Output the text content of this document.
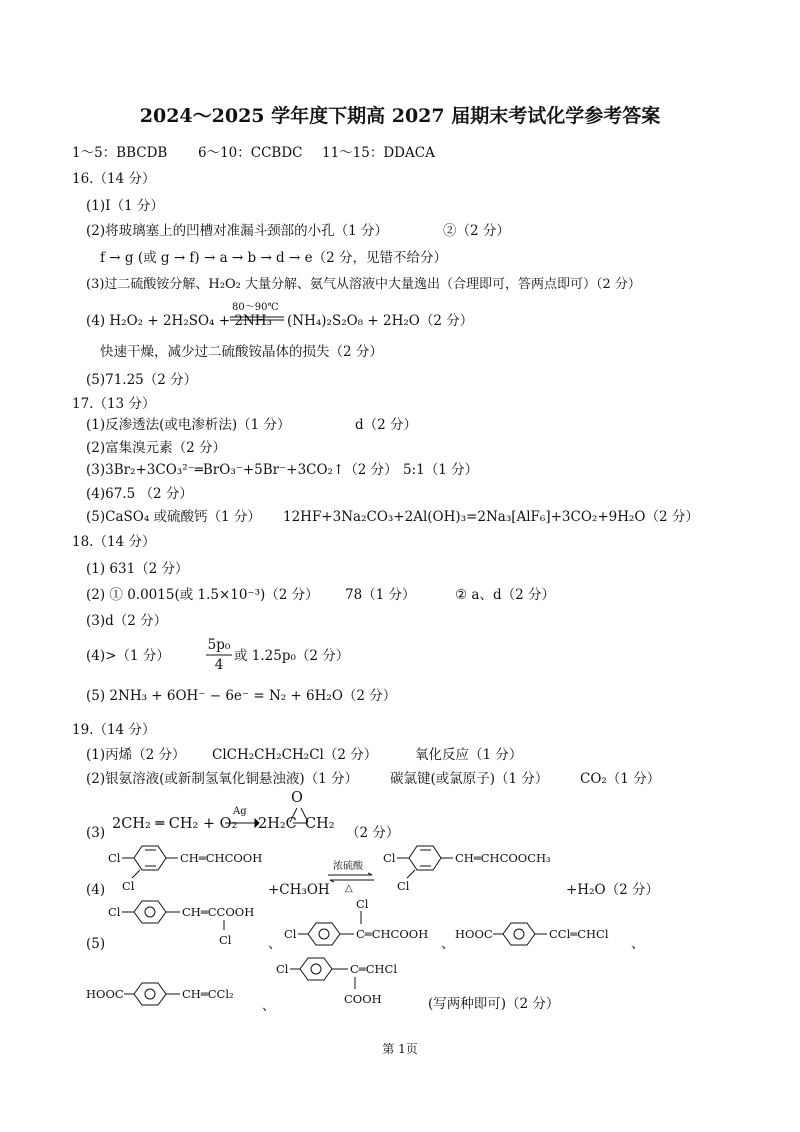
2024～2025 学年度下期高 2027 届期末考试化学参考答案
1～5：BBCDB 6～10：CCBDC 11～15：DDACA
16.（14 分）
(1)Ⅰ（1 分）
(2)将玻璃塞上的凹槽对准漏斗颈部的小孔（1 分）	②（2 分）
f → g (或 g → f) → a → b → d → e（2 分，见错不给分）
(3)过二硫酸铵分解、H₂O₂ 大量分解、氨气从溶液中大量逸出（合理即可，答两点即可）（2 分）
(4) H₂O₂ + 2H₂SO₄ + 2NH₃
80～90℃
(NH₄)₂S₂O₈ + 2H₂O（2 分）
快速干燥，减少过二硫酸铵晶体的损失（2 分）
(5)71.25（2 分）
17.（13 分）
(1)反渗透法(或电渗析法)（1 分）	d（2 分）
(2)富集溴元素（2 分）
(3)3Br₂+3CO₃²⁻═BrO₃⁻+5Br⁻+3CO₂↑（2 分） 5:1（1 分）
(4)67.5 （2 分）
(5)CaSO₄ 或硫酸钙（1 分） 12HF+3Na₂CO₃+2Al(OH)₃=2Na₃[AlF₆]+3CO₂+9H₂O（2 分）
18.（14 分）
(1) 631（2 分）
(2) ① 0.0015(或 1.5×10⁻³)（2 分） 78（1 分）	② a、d（2 分）
(3)d（2 分）
(4)>（1 分）
5p₀
4
或 1.25p₀（2 分）
(5) 2NH₃ + 6OH⁻ − 6e⁻ = N₂ + 6H₂O（2 分）
19.（14 分）
(1)丙烯（2 分） ClCH₂CH₂CH₂Cl（2 分）	氧化反应（1 分）
(2)银氨溶液(或新制氢氧化铜悬浊液)（1 分） 碳氯键(或氯原子)（1 分） CO₂（1 分）
(3)
2CH₂ ═ CH₂ + O₂
Ag
2H₂C CH₂
O
（2 分）
(4)
Cl
Cl
CH═CHCOOH
+CH₃OH
浓硫酸
△
Cl
Cl
CH═CHCOOCH₃
+H₂O（2 分）
(5)
Cl	CH═CCOOH
Cl	、
Cl
Cl	C═CHCOOH
、
HOOC	CCl═CHCl
、
HOOC	CH═CCl₂
、
Cl	C═CHCl
COOH	(写两种即可)（2 分）
第 1页
